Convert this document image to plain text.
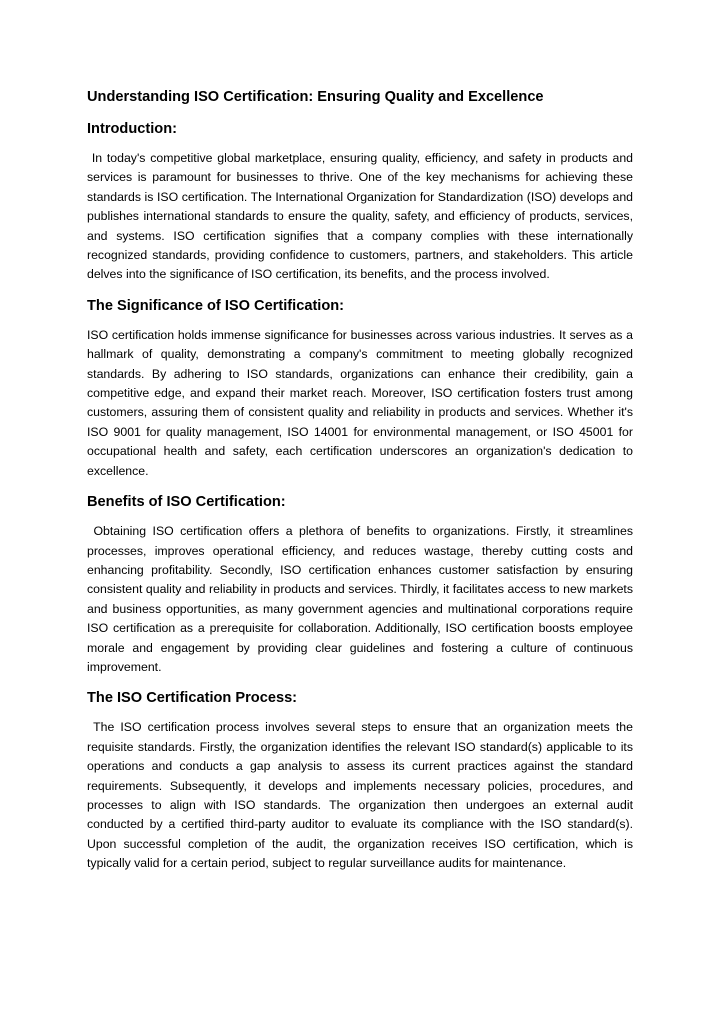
Understanding ISO Certification: Ensuring Quality and Excellence
Introduction:

In today's competitive global marketplace, ensuring quality, efficiency, and safety in products and services is paramount for businesses to thrive. One of the key mechanisms for achieving these standards is ISO certification. The International Organization for Standardization (ISO) develops and publishes international standards to ensure the quality, safety, and efficiency of products, services, and systems. ISO certification signifies that a company complies with these internationally recognized standards, providing confidence to customers, partners, and stakeholders. This article delves into the significance of ISO certification, its benefits, and the process involved.

The Significance of ISO Certification:

ISO certification holds immense significance for businesses across various industries. It serves as a hallmark of quality, demonstrating a company's commitment to meeting globally recognized standards. By adhering to ISO standards, organizations can enhance their credibility, gain a competitive edge, and expand their market reach. Moreover, ISO certification fosters trust among customers, assuring them of consistent quality and reliability in products and services. Whether it's ISO 9001 for quality management, ISO 14001 for environmental management, or ISO 45001 for occupational health and safety, each certification underscores an organization's dedication to excellence.

Benefits of ISO Certification:

Obtaining ISO certification offers a plethora of benefits to organizations. Firstly, it streamlines processes, improves operational efficiency, and reduces wastage, thereby cutting costs and enhancing profitability. Secondly, ISO certification enhances customer satisfaction by ensuring consistent quality and reliability in products and services. Thirdly, it facilitates access to new markets and business opportunities, as many government agencies and multinational corporations require ISO certification as a prerequisite for collaboration. Additionally, ISO certification boosts employee morale and engagement by providing clear guidelines and fostering a culture of continuous improvement.

The ISO Certification Process:

The ISO certification process involves several steps to ensure that an organization meets the requisite standards. Firstly, the organization identifies the relevant ISO standard(s) applicable to its operations and conducts a gap analysis to assess its current practices against the standard requirements. Subsequently, it develops and implements necessary policies, procedures, and processes to align with ISO standards. The organization then undergoes an external audit conducted by a certified third-party auditor to evaluate its compliance with the ISO standard(s). Upon successful completion of the audit, the organization receives ISO certification, which is typically valid for a certain period, subject to regular surveillance audits for maintenance.
